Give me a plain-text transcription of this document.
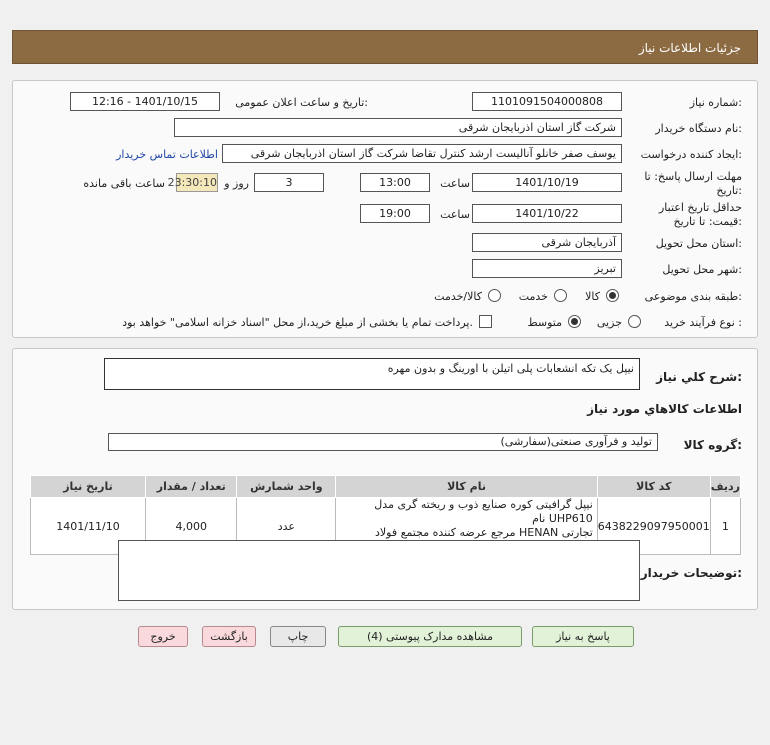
جزئیات اطلاعات نیاز
شماره نیاز:
1101091504000808
تاریخ و ساعت اعلان عمومی:
1401/10/15 - 12:16
نام دستگاه خریدار:
شرکت گاز استان اذربایجان شرقی
ایجاد کننده درخواست:
یوسف صفر خانلو آنالیست ارشد کنترل تقاضا شرکت گاز استان اذربایجان شرقی
اطلاعات تماس خریدار
مهلت ارسال پاسخ: تا
تاریخ:
1401/10/19
ساعت
13:00
3
روز و
23:30:10
ساعت باقی مانده
حداقل تاریخ اعتبار
قیمت: تا تاریخ:
1401/10/22
ساعت
19:00
استان محل تحویل:
آذربایجان شرقی
شهر محل تحویل:
تبریز
طبقه بندی موضوعی:
کالا
خدمت
کالا/خدمت
نوع فرآیند خرید :
جزیی
متوسط
پرداخت تمام یا بخشی از مبلغ خرید،از محل "اسناد خزانه اسلامی" خواهد بود.
شرح کلي نياز:
نیپل یک تکه انشعابات پلی اتیلن با اورینگ و بدون مهره
اطلاعات کالاهاي مورد نياز
گروه کالا:
تولید و فرآوری صنعتی(سفارشی)
ردیف	کد کالا	نام کالا	واحد شمارش	تعداد / مقدار	تاریخ نیاز
1	6438229097950001	نیپل گرافیتی کوره صنایع ذوب و ریخته گری مدل UHP610 نام
تجارتی HENAN مرجع عرضه کننده مجتمع فولاد	عدد	4,000	1401/11/10
توضیحات خریدار:
پاسخ به نیاز
مشاهده مدارک پیوستی (4)
چاپ
بازگشت
خروج
